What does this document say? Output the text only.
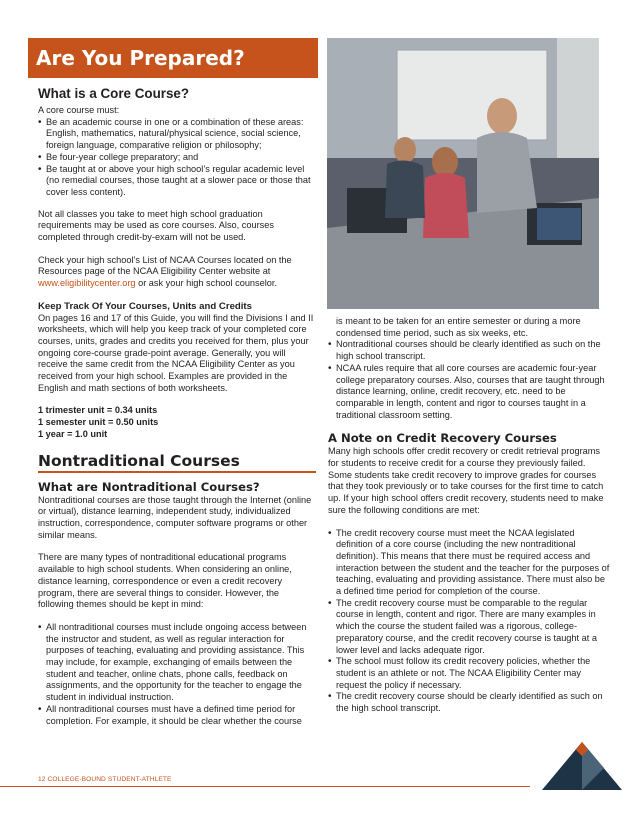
Are You Prepared?
What is a Core Course?

A core course must:

• Be an academic course in one or a combination of these areas: English, mathematics, natural/physical science, social science, foreign language, comparative religion or philosophy;
• Be four-year college preparatory; and
• Be taught at or above your high school’s regular academic level (no remedial courses, those taught at a slower pace or those that cover less content).

Not all classes you take to meet high school graduation requirements may be used as core courses. Also, courses completed through credit-by-exam will not be used.

Check your high school’s List of NCAA Courses located on the Resources page of the NCAA Eligibility Center website at www.eligibilitycenter.org or ask your high school counselor.

Keep Track Of Your Courses, Units and Credits

On pages 16 and 17 of this Guide, you will find the Divisions I and II worksheets, which will help you keep track of your completed core courses, units, grades and credits you received for them, plus your ongoing core-course grade-point average. Generally, you will receive the same credit from the NCAA Eligibility Center as you received from your high school. Examples are provided in the English and math sections of both worksheets.

1 trimester unit = 0.34 units

1 semester unit = 0.50 units

1 year = 1.0 unit

Nontraditional Courses
What are Nontraditional Courses?

Nontraditional courses are those taught through the Internet (online or virtual), distance learning, independent study, individualized instruction, correspondence, computer software programs or other similar means.

There are many types of nontraditional educational programs available to high school students. When considering an online, distance learning, correspondence or even a credit recovery program, there are several things to consider. However, the following themes should be kept in mind:

• All nontraditional courses must include ongoing access between the instructor and student, as well as regular interaction for purposes of teaching, evaluating and providing assistance. This may include, for example, exchanging of emails between the student and teacher, online chats, phone calls, feedback on assignments, and the opportunity for the teacher to engage the student in individual instruction.
• All nontraditional courses must have a defined time period for completion. For example, it should be clear whether the course

is meant to be taken for an entire semester or during a more condensed time period, such as six weeks, etc.

• Nontraditional courses should be clearly identified as such on the high school transcript.
• NCAA rules require that all core courses are academic four-year college preparatory courses. Also, courses that are taught through distance learning, online, credit recovery, etc. need to be comparable in length, content and rigor to courses taught in a traditional classroom setting.
A Note on Credit Recovery Courses

Many high schools offer credit recovery or credit retrieval programs for students to receive credit for a course they previously failed. Some students take credit recovery to improve grades for courses that they took previously or to take courses for the first time to catch up. If your high school offers credit recovery, students need to make sure the following conditions are met:

• The credit recovery course must meet the NCAA legislated definition of a core course (including the new nontraditional definition). This means that there must be required access and interaction between the student and the teacher for the purposes of teaching, evaluating and providing assistance. There must also be a defined time period for completion of the course.
• The credit recovery course must be comparable to the regular course in length, content and rigor. There are many examples in which the course the student failed was a rigorous, college-preparatory course, and the credit recovery course is taught at a lower level and lacks adequate rigor.
• The school must follow its credit recovery policies, whether the student is an athlete or not. The NCAA Eligibility Center may request the policy if necessary.
• The credit recovery course should be clearly identified as such on the high school transcript.
12 COLLEGE-BOUND STUDENT-ATHLETE
